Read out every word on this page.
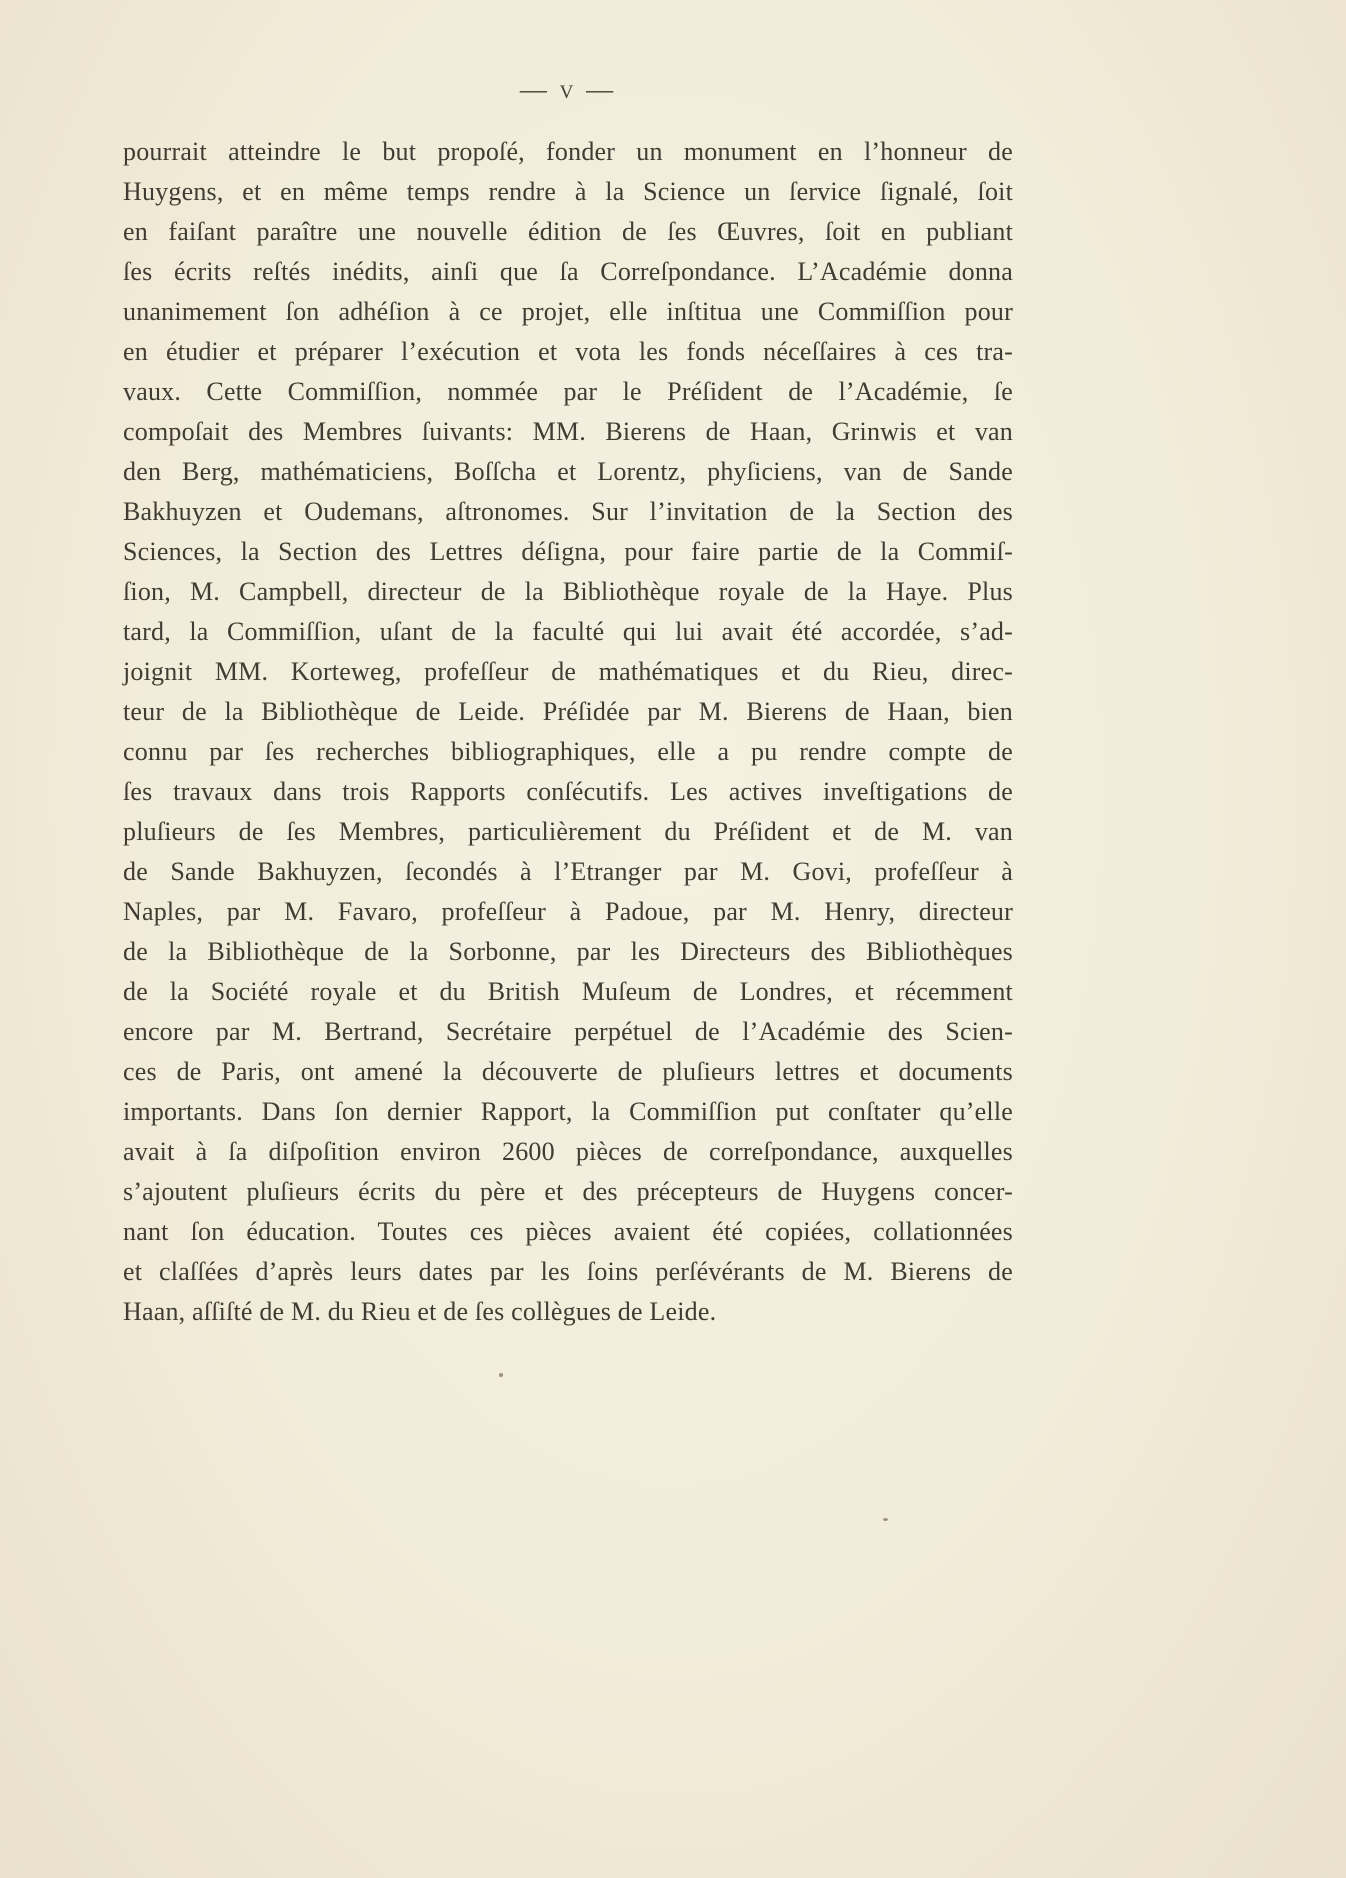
— v —
pourrait atteindre le but propoſé, fonder un monument en l’honneur de
Huygens, et en même temps rendre à la Science un ſervice ſignalé, ſoit
en faiſant paraître une nouvelle édition de ſes Œuvres, ſoit en publiant
ſes écrits reſtés inédits, ainſi que ſa Correſpondance. L’Académie donna
unanimement ſon adhéſion à ce projet, elle inſtitua une Commiſſion pour
en étudier et préparer l’exécution et vota les fonds néceſſaires à ces tra-
vaux. Cette Commiſſion, nommée par le Préſident de l’Académie, ſe
compoſait des Membres ſuivants: MM. Bierens de Haan, Grinwis et van
den Berg, mathématiciens, Boſſcha et Lorentz, phyſiciens, van de Sande
Bakhuyzen et Oudemans, aſtronomes. Sur l’invitation de la Section des
Sciences, la Section des Lettres déſigna, pour faire partie de la Commiſ-
ſion, M. Campbell, directeur de la Bibliothèque royale de la Haye. Plus
tard, la Commiſſion, uſant de la faculté qui lui avait été accordée, s’ad-
joignit MM. Korteweg, profeſſeur de mathématiques et du Rieu, direc-
teur de la Bibliothèque de Leide. Préſidée par M. Bierens de Haan, bien
connu par ſes recherches bibliographiques, elle a pu rendre compte de
ſes travaux dans trois Rapports conſécutifs. Les actives inveſtigations de
pluſieurs de ſes Membres, particulièrement du Préſident et de M. van
de Sande Bakhuyzen, ſecondés à l’Etranger par M. Govi, profeſſeur à
Naples, par M. Favaro, profeſſeur à Padoue, par M. Henry, directeur
de la Bibliothèque de la Sorbonne, par les Directeurs des Bibliothèques
de la Société royale et du British Muſeum de Londres, et récemment
encore par M. Bertrand, Secrétaire perpétuel de l’Académie des Scien-
ces de Paris, ont amené la découverte de pluſieurs lettres et documents
importants. Dans ſon dernier Rapport, la Commiſſion put conſtater qu’elle
avait à ſa diſpoſition environ 2600 pièces de correſpondance, auxquelles
s’ajoutent pluſieurs écrits du père et des précepteurs de Huygens concer-
nant ſon éducation. Toutes ces pièces avaient été copiées, collationnées
et claſſées d’après leurs dates par les ſoins perſévérants de M. Bierens de
Haan, aſſiſté de M. du Rieu et de ſes collègues de Leide.
